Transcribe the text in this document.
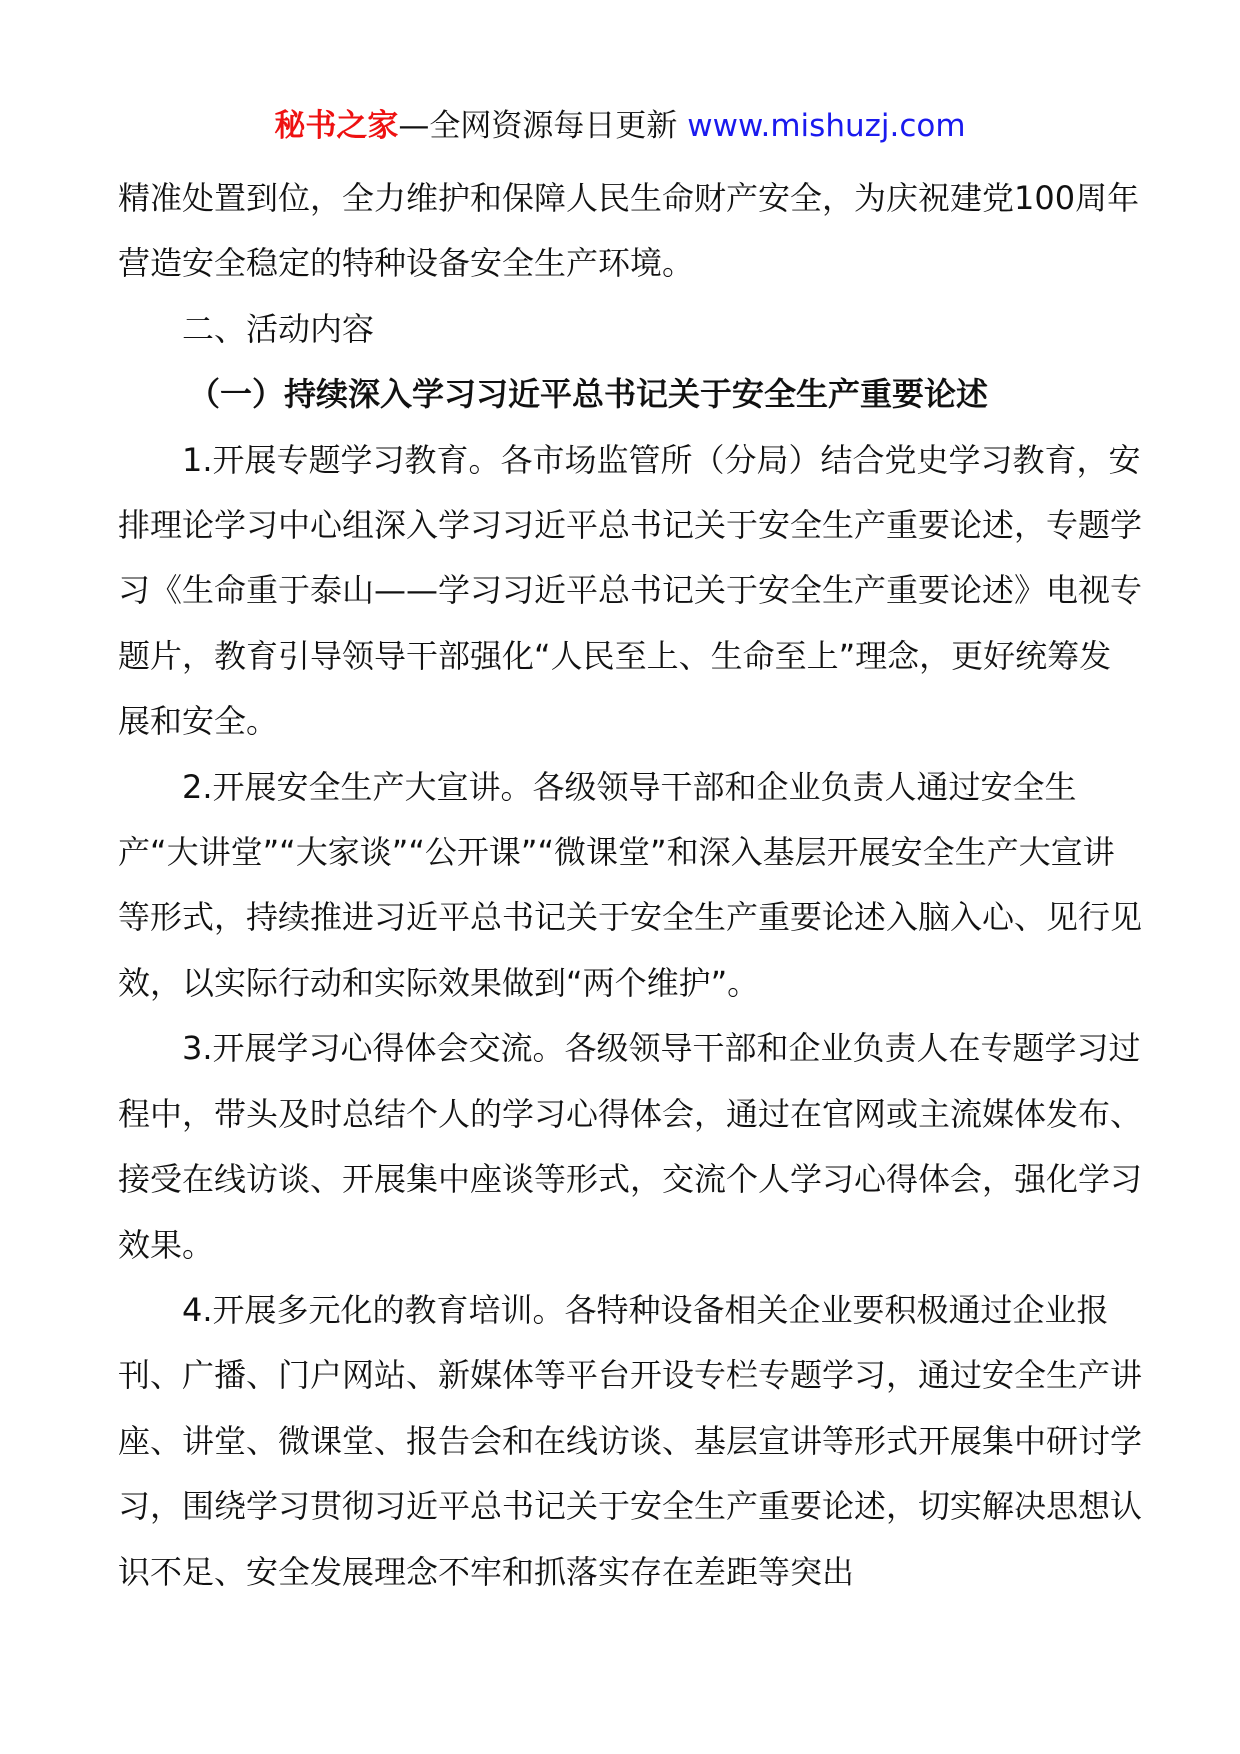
秘书之家—全网资源每日更新 www.mishuzj.com

精准处置到位，全力维护和保障人民生命财产安全，为庆祝建党100周年营造安全稳定的特种设备安全生产环境。

二、活动内容

（一）持续深入学习习近平总书记关于安全生产重要论述

1.开展专题学习教育。各市场监管所（分局）结合党史学习教育，安排理论学习中心组深入学习习近平总书记关于安全生产重要论述，专题学习《生命重于泰山——学习习近平总书记关于安全生产重要论述》电视专题片，教育引导领导干部强化“人民至上、生命至上”理念，更好统筹发展和安全。

2.开展安全生产大宣讲。各级领导干部和企业负责人通过安全生产“大讲堂”“大家谈”“公开课”“微课堂”和深入基层开展安全生产大宣讲等形式，持续推进习近平总书记关于安全生产重要论述入脑入心、见行见效，以实际行动和实际效果做到“两个维护”。

3.开展学习心得体会交流。各级领导干部和企业负责人在专题学习过程中，带头及时总结个人的学习心得体会，通过在官网或主流媒体发布、接受在线访谈、开展集中座谈等形式，交流个人学习心得体会，强化学习效果。

4.开展多元化的教育培训。各特种设备相关企业要积极通过企业报刊、广播、门户网站、新媒体等平台开设专栏专题学习，通过安全生产讲座、讲堂、微课堂、报告会和在线访谈、基层宣讲等形式开展集中研讨学习，围绕学习贯彻习近平总书记关于安全生产重要论述，切实解决思想认识不足、安全发展理念不牢和抓落实存在差距等突出
